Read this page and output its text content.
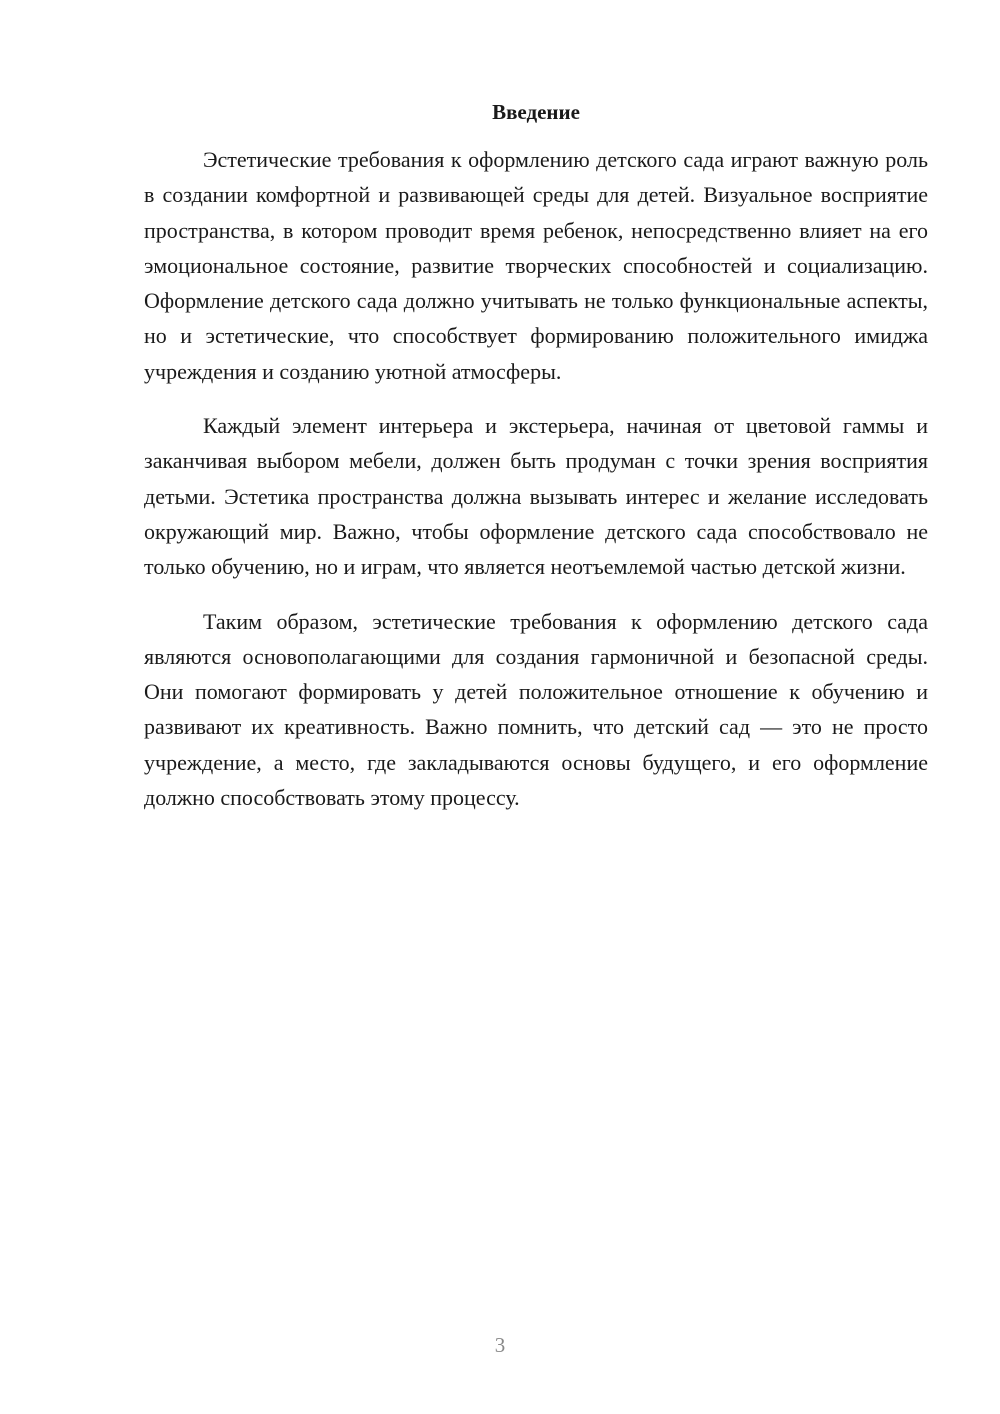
Введение

Эстетические требования к оформлению детского сада играют важную роль в создании комфортной и развивающей среды для детей. Визуальное восприятие пространства, в котором проводит время ребенок, непосредственно влияет на его эмоциональное состояние, развитие творческих способностей и социализацию. Оформление детского сада должно учитывать не только функциональные аспекты, но и эстетические, что способствует формированию положительного имиджа учреждения и созданию уютной атмосферы.

Каждый элемент интерьера и экстерьера, начиная от цветовой гаммы и заканчивая выбором мебели, должен быть продуман с точки зрения восприятия детьми. Эстетика пространства должна вызывать интерес и желание исследовать окружающий мир. Важно, чтобы оформление детского сада способствовало не только обучению, но и играм, что является неотъемлемой частью детской жизни.

Таким образом, эстетические требования к оформлению детского сада являются основополагающими для создания гармоничной и безопасной среды. Они помогают формировать у детей положительное отношение к обучению и развивают их креативность. Важно помнить, что детский сад — это не просто учреждение, а место, где закладываются основы будущего, и его оформление должно способствовать этому процессу.

3
